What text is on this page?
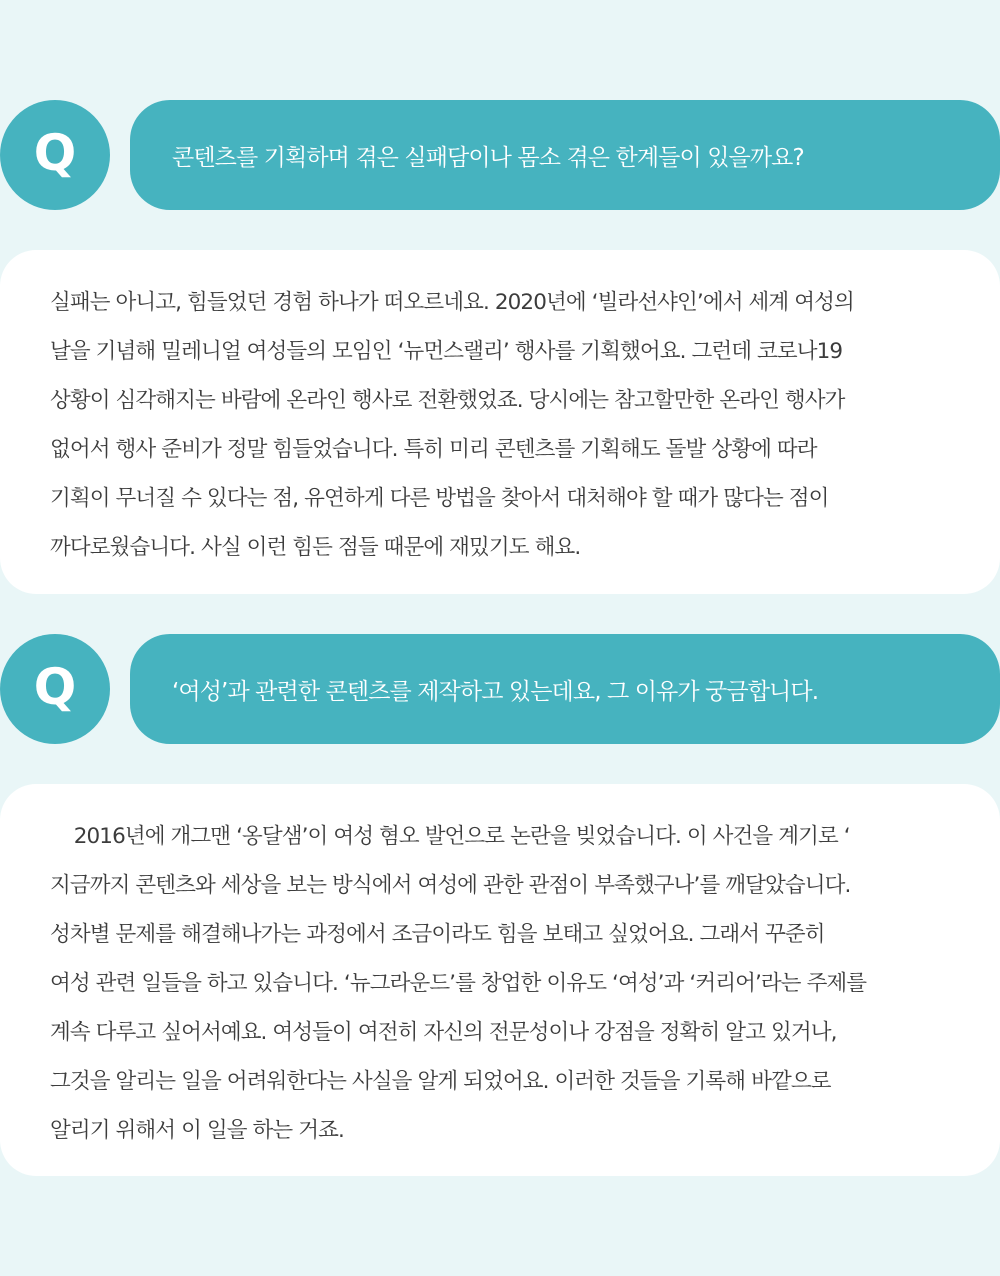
Q	콘텐츠를 기획하며 겪은 실패담이나 몸소 겪은 한계들이 있을까요?
실패는 아니고, 힘들었던 경험 하나가 떠오르네요. 2020년에 ‘빌라선샤인’에서 세계 여성의
날을 기념해 밀레니얼 여성들의 모임인 ‘뉴먼스랠리’ 행사를 기획했어요. 그런데 코로나19
상황이 심각해지는 바람에 온라인 행사로 전환했었죠. 당시에는 참고할만한 온라인 행사가
없어서 행사 준비가 정말 힘들었습니다. 특히 미리 콘텐츠를 기획해도 돌발 상황에 따라
기획이 무너질 수 있다는 점, 유연하게 다른 방법을 찾아서 대처해야 할 때가 많다는 점이
까다로웠습니다. 사실 이런 힘든 점들 때문에 재밌기도 해요.
Q	‘여성’과 관련한 콘텐츠를 제작하고 있는데요, 그 이유가 궁금합니다.
2016년에 개그맨 ‘옹달샘’이 여성 혐오 발언으로 논란을 빚었습니다. 이 사건을 계기로 ‘
지금까지 콘텐츠와 세상을 보는 방식에서 여성에 관한 관점이 부족했구나’를 깨달았습니다.
성차별 문제를 해결해나가는 과정에서 조금이라도 힘을 보태고 싶었어요. 그래서 꾸준히
여성 관련 일들을 하고 있습니다. ‘뉴그라운드’를 창업한 이유도 ‘여성’과 ‘커리어’라는 주제를
계속 다루고 싶어서예요. 여성들이 여전히 자신의 전문성이나 강점을 정확히 알고 있거나,
그것을 알리는 일을 어려워한다는 사실을 알게 되었어요. 이러한 것들을 기록해 바깥으로
알리기 위해서 이 일을 하는 거죠.
